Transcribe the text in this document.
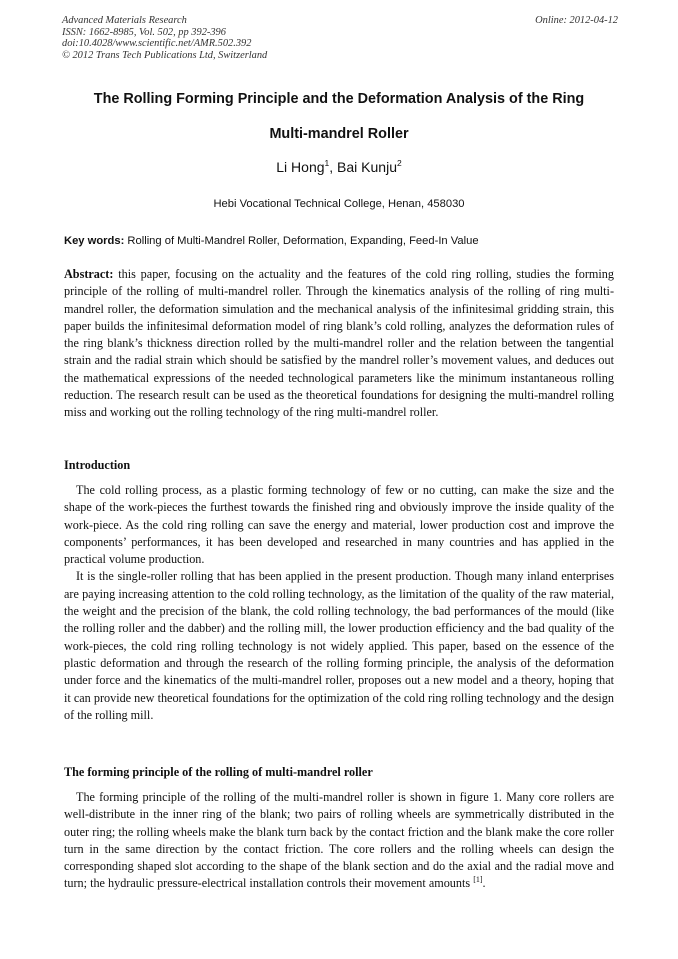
Advanced Materials Research
ISSN: 1662-8985, Vol. 502, pp 392-396
doi:10.4028/www.scientific.net/AMR.502.392
© 2012 Trans Tech Publications Ltd, Switzerland
Online: 2012-04-12
The Rolling Forming Principle and the Deformation Analysis of the Ring
Multi-mandrel Roller
Li Hong$^1$, Bai Kunju$^2$
Hebi Vocational Technical College, Henan, 458030
Key words: Rolling of Multi-Mandrel Roller, Deformation, Expanding, Feed-In Value

Abstract: this paper, focusing on the actuality and the features of the cold ring rolling, studies the forming principle of the rolling of multi-mandrel roller. Through the kinematics analysis of the rolling of ring multi-mandrel roller, the deformation simulation and the mechanical analysis of the infinitesimal gridding strain, this paper builds the infinitesimal deformation model of ring blank’s cold rolling, analyzes the deformation rules of the ring blank’s thickness direction rolled by the multi-mandrel roller and the relation between the tangential strain and the radial strain which should be satisfied by the mandrel roller’s movement values, and deduces out the mathematical expressions of the needed technological parameters like the minimum instantaneous rolling reduction. The research result can be used as the theoretical foundations for designing the multi-mandrel rolling miss and working out the rolling technology of the ring multi-mandrel roller.

Introduction

The cold rolling process, as a plastic forming technology of few or no cutting, can make the size and the shape of the work-pieces the furthest towards the finished ring and obviously improve the inside quality of the work-piece. As the cold ring rolling can save the energy and material, lower production cost and improve the components’ performances, it has been developed and researched in many countries and has applied in the practical volume production.

It is the single-roller rolling that has been applied in the present production. Though many inland enterprises are paying increasing attention to the cold rolling technology, as the limitation of the quality of the raw material, the weight and the precision of the blank, the cold rolling technology, the bad performances of the mould (like the rolling roller and the dabber) and the rolling mill, the lower production efficiency and the bad quality of the work-pieces, the cold ring rolling technology is not widely applied. This paper, based on the essence of the plastic deformation and through the research of the rolling forming principle, the analysis of the deformation under force and the kinematics of the multi-mandrel roller, proposes out a new model and a theory, hoping that it can provide new theoretical foundations for the optimization of the cold ring rolling technology and the design of the rolling mill.

The forming principle of the rolling of multi-mandrel roller

The forming principle of the rolling of the multi-mandrel roller is shown in figure 1. Many core rollers are well-distribute in the inner ring of the blank; two pairs of rolling wheels are symmetrically distributed in the outer ring; the rolling wheels make the blank turn back by the contact friction and the blank make the core roller turn in the same direction by the contact friction. The core rollers and the rolling wheels can design the corresponding shaped slot according to the shape of the blank section and do the axial and the radial move and turn; the hydraulic pressure-electrical installation controls their movement amounts [1].
